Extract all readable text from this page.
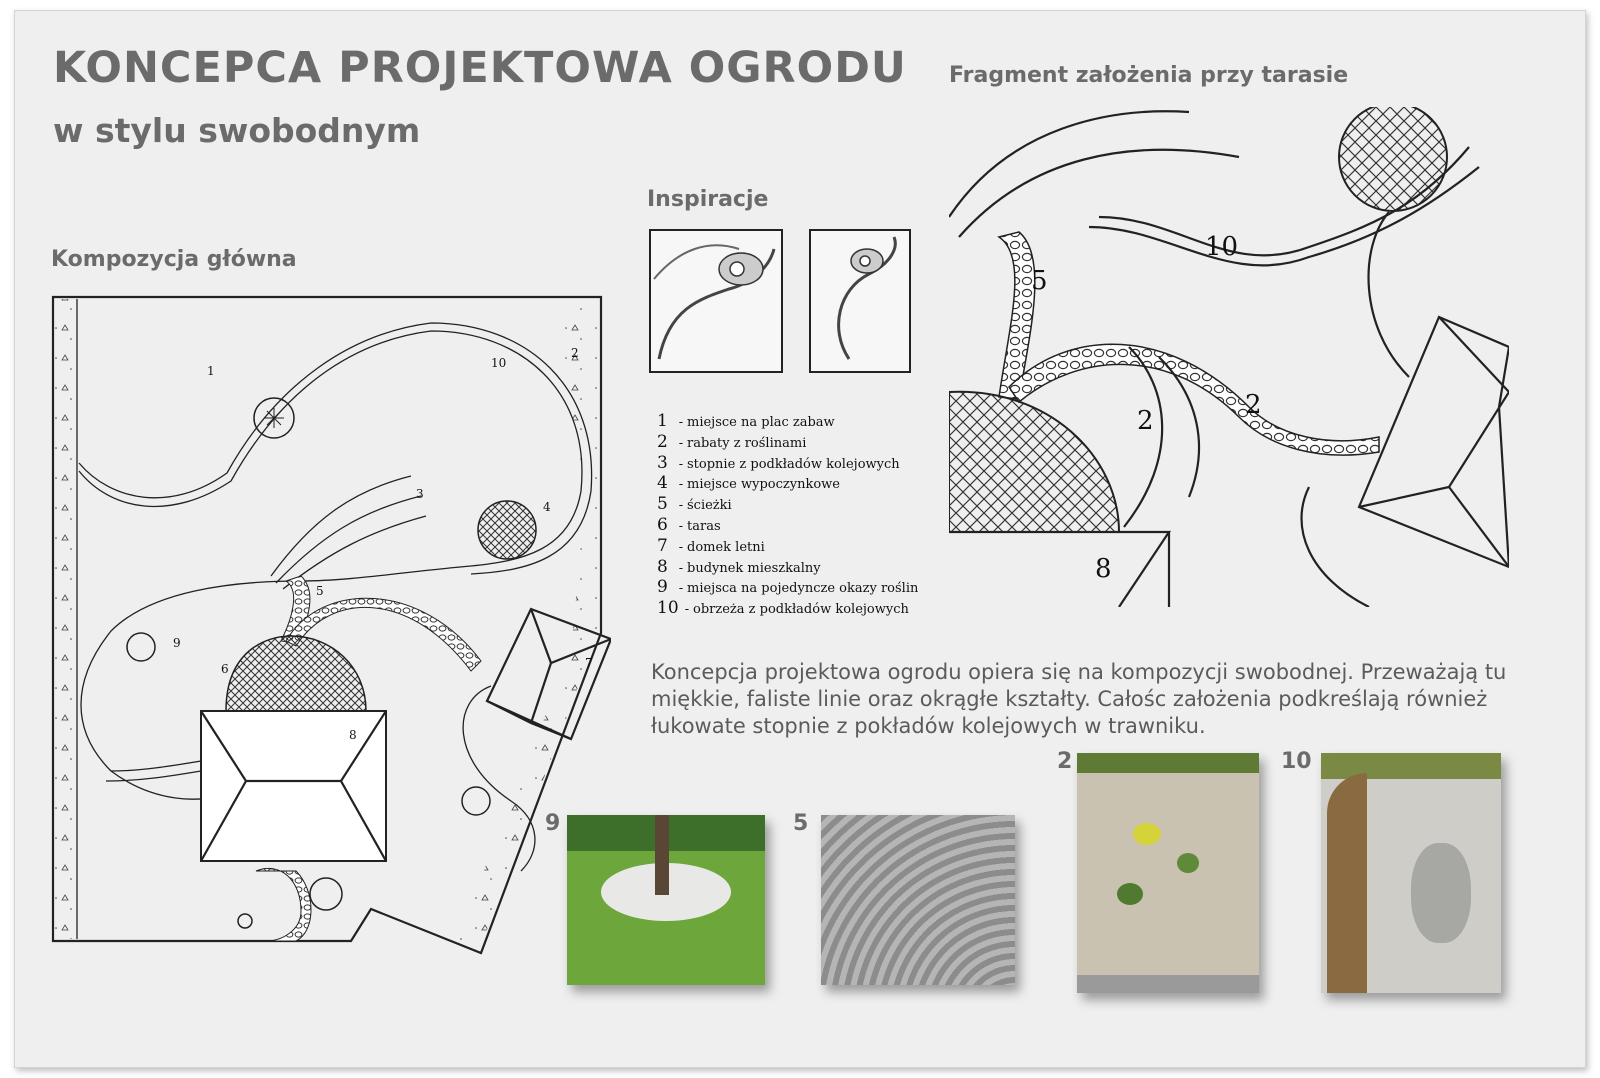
KONCEPCA PROJEKTOWA OGRODU
w stylu swobodnym
Kompozycja główna
Inspiracje
Fragment założenia przy tarasie
1
2
3
4
5
6	7
8
9
10
1 - miejsce na plac zabaw
2 - rabaty z roślinami
3 - stopnie z podkładów kolejowych
4 - miejsce wypoczynkowe
5 - ścieżki
6 - taras
7 - domek letni
8 - budynek mieszkalny
9 - miejsca na pojedyncze okazy roślin
10 - obrzeża z podkładów kolejowych
10
5
2
2
8

Koncepcja projektowa ogrodu opiera się na kompozycji swobodnej. Przeważają tu miękkie, faliste linie oraz okrągłe kształty. Całośc założenia podkreślają również łukowate stopnie z pokładów kolejowych w trawniku.

9	5
2	10
